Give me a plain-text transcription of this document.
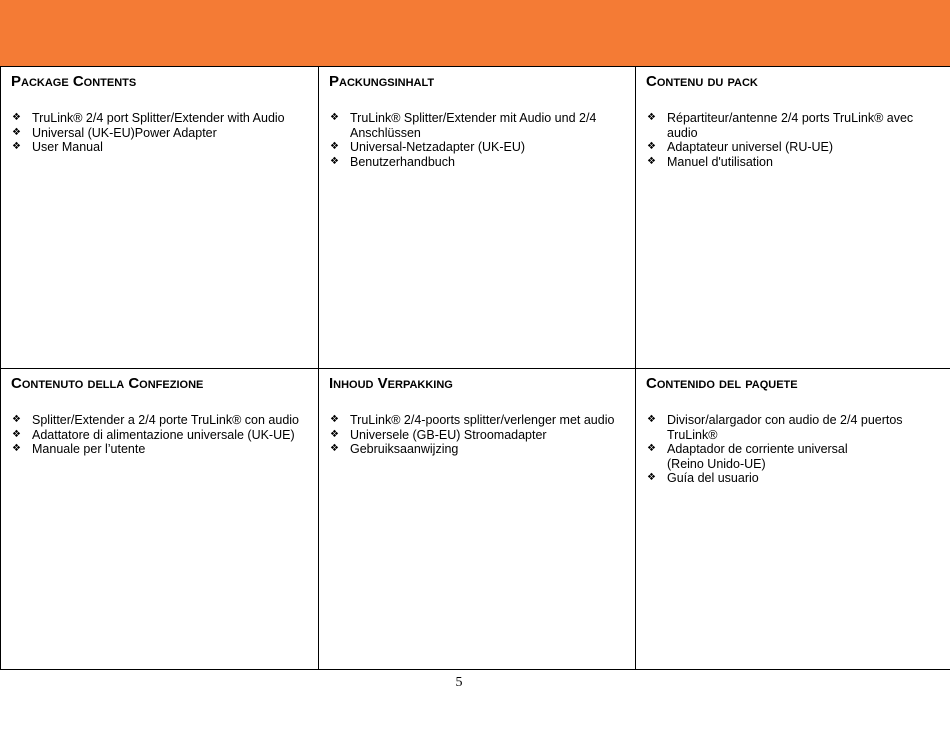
Package Contents
❖ TruLink® 2/4 port Splitter/Extender with Audio
❖ Universal (UK-EU)Power Adapter
❖ User Manual
Packungsinhalt
❖ TruLink® Splitter/Extender mit Audio und 2/4 Anschlüssen
❖ Universal-Netzadapter (UK-EU)
❖ Benutzerhandbuch
Contenu du pack
❖ Répartiteur/antenne 2/4 ports TruLink® avec audio
❖ Adaptateur universel (RU-UE)
❖ Manuel d'utilisation
Contenuto della Confezione
❖ Splitter/Extender a 2/4 porte TruLink® con audio
❖ Adattatore di alimentazione universale (UK-UE)
❖ Manuale per l’utente
Inhoud Verpakking
❖ TruLink® 2/4-poorts splitter/verlenger met audio
❖ Universele (GB-EU) Stroomadapter
❖ Gebruiksaanwijzing
Contenido del paquete
❖ Divisor/alargador con audio de 2/4 puertos TruLink®
❖ Adaptador de corriente universal
(Reino Unido-UE)
❖ Guía del usuario
5
